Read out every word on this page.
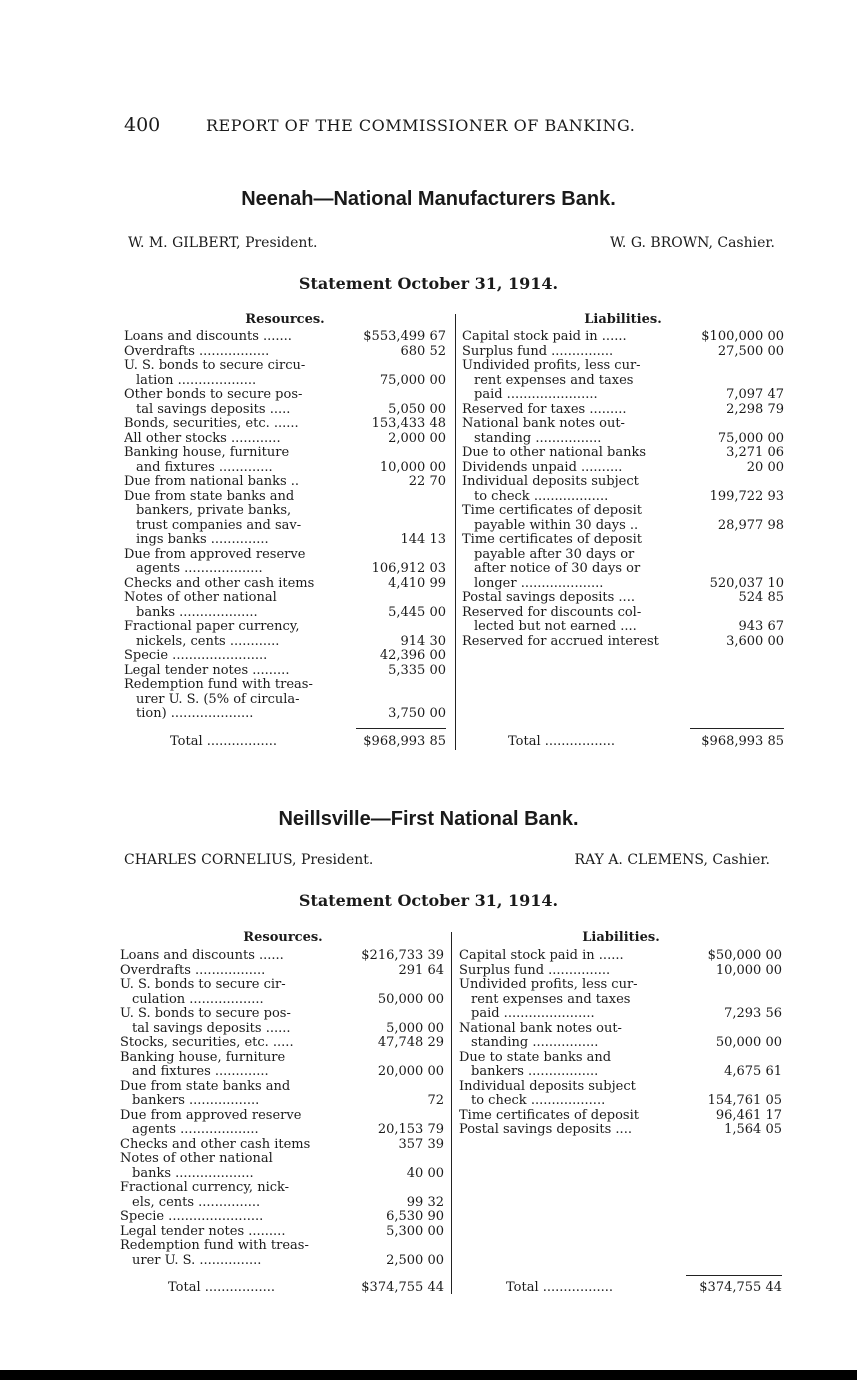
400	REPORT OF THE COMMISSIONER OF BANKING.
Neenah—National Manufacturers Bank.
W. M. GILBERT, President.	W. G. BROWN, Cashier.
Statement October 31, 1914.
Resources.	Liabilities.
Loans and discounts .......	$553,499 67
Overdrafts .................	680 52
U. S. bonds to secure circu-
lation ...................	75,000 00
Other bonds to secure pos-
tal savings deposits .....	5,050 00
Bonds, securities, etc. ......	153,433 48
All other stocks ............	2,000 00
Banking house, furniture
and fixtures .............	10,000 00
Due from national banks ..	22 70
Due from state banks and
bankers, private banks,
trust companies and sav-
ings banks ..............	144 13
Due from approved reserve
agents ...................	106,912 03
Checks and other cash items	4,410 99
Notes of other national
banks ...................	5,445 00
Fractional paper currency,
nickels, cents ............	914 30
Specie .......................	42,396 00
Legal tender notes .........	5,335 00
Redemption fund with treas-
urer U. S. (5% of circula-
tion) ....................	3,750 00
Capital stock paid in ......	$100,000 00
Surplus fund ...............	27,500 00
Undivided profits, less cur-
rent expenses and taxes
paid ......................	7,097 47
Reserved for taxes .........	2,298 79
National bank notes out-
standing ................	75,000 00
Due to other national banks	3,271 06
Dividends unpaid ..........	20 00
Individual deposits subject
to check ..................	199,722 93
Time certificates of deposit
payable within 30 days ..	28,977 98
Time certificates of deposit
payable after 30 days or
after notice of 30 days or
longer ....................	520,037 10
Postal savings deposits ....	524 85
Reserved for discounts col-
lected but not earned ....	943 67
Reserved for accrued interest	3,600 00
Total .................	$968,993 85	Total .................	$968,993 85
Neillsville—First National Bank.
CHARLES CORNELIUS, President.	RAY A. CLEMENS, Cashier.
Statement October 31, 1914.
Resources.	Liabilities.
Loans and discounts ......	$216,733 39
Overdrafts .................	291 64
U. S. bonds to secure cir-
culation ..................	50,000 00
U. S. bonds to secure pos-
tal savings deposits ......	5,000 00
Stocks, securities, etc. .....	47,748 29
Banking house, furniture
and fixtures .............	20,000 00
Due from state banks and
bankers .................	72
Due from approved reserve
agents ...................	20,153 79
Checks and other cash items	357 39
Notes of other national
banks ...................	40 00
Fractional currency, nick-
els, cents ...............	99 32
Specie .......................	6,530 90
Legal tender notes .........	5,300 00
Redemption fund with treas-
urer U. S. ...............	2,500 00
Capital stock paid in ......	$50,000 00
Surplus fund ...............	10,000 00
Undivided profits, less cur-
rent expenses and taxes
paid ......................	7,293 56
National bank notes out-
standing ................	50,000 00
Due to state banks and
bankers .................	4,675 61
Individual deposits subject
to check ..................	154,761 05
Time certificates of deposit	96,461 17
Postal savings deposits ....	1,564 05
Total .................	$374,755 44	Total .................	$374,755 44
